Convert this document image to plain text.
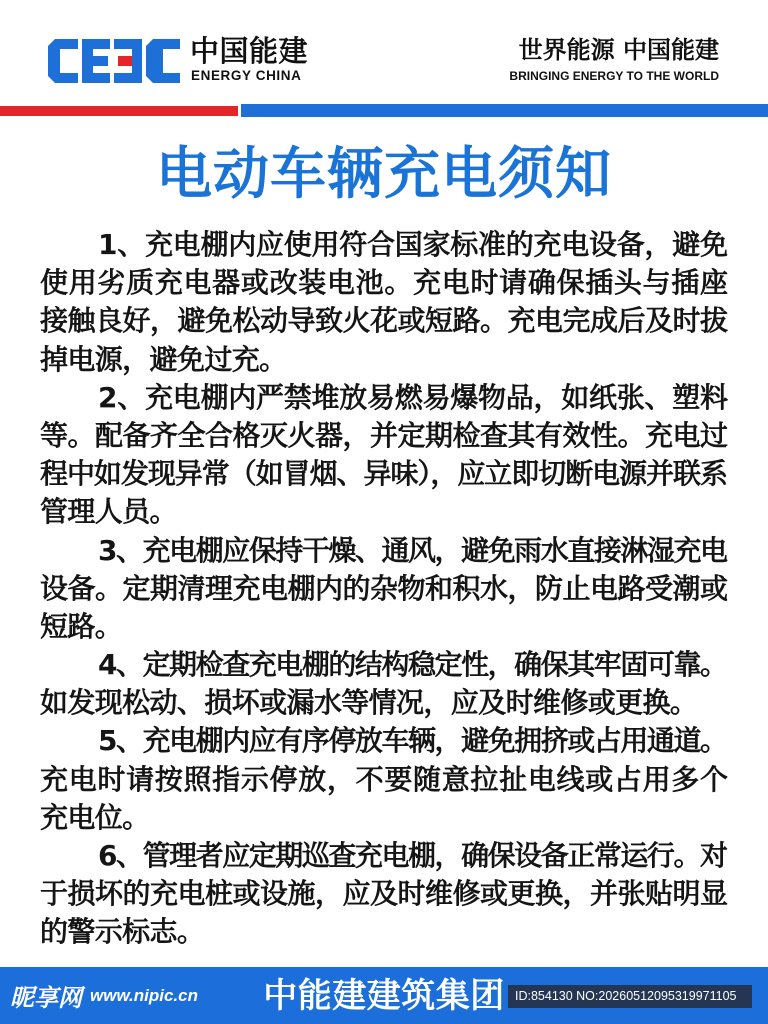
中国能建
ENERGY CHINA
世界能源 中国能建
BRINGING ENERGY TO THE WORLD
电动车辆充电须知
1、充电棚内应使用符合国家标准的充电设备，避免
使用劣质充电器或改装电池。充电时请确保插头与插座
接触良好，避免松动导致火花或短路。充电完成后及时拔
掉电源，避免过充。
2、充电棚内严禁堆放易燃易爆物品，如纸张、塑料
等。配备齐全合格灭火器，并定期检查其有效性。充电过
程中如发现异常（如冒烟、异味），应立即切断电源并联系
管理人员。
3、充电棚应保持干燥、通风，避免雨水直接淋湿充电
设备。定期清理充电棚内的杂物和积水，防止电路受潮或
短路。
4、定期检查充电棚的结构稳定性，确保其牢固可靠。
如发现松动、损坏或漏水等情况，应及时维修或更换。
5、充电棚内应有序停放车辆，避免拥挤或占用通道。
充电时请按照指示停放，不要随意拉扯电线或占用多个
充电位。
6、管理者应定期巡查充电棚，确保设备正常运行。对
于损坏的充电桩或设施，应及时维修或更换，并张贴明显
的警示标志。
昵享网 www.nipic.cn	中能建建筑集团 ID:854130 NO:20260512095319971105
